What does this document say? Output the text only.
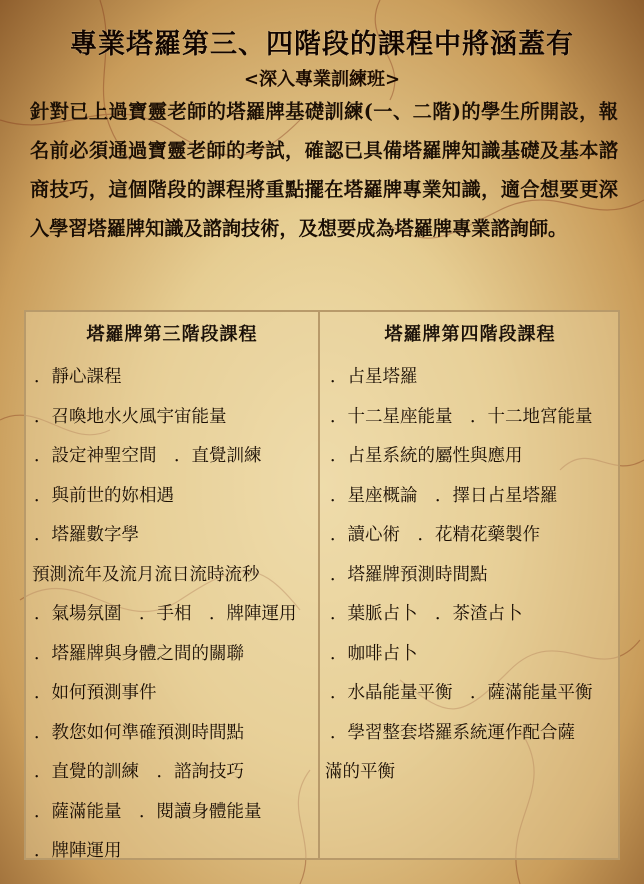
專業塔羅第三、四階段的課程中將涵蓋有
<深入專業訓練班>
針對已上過寶靈老師的塔羅牌基礎訓練(一、二階)的學生所開設，報名前必須通過寶靈老師的考試，確認已具備塔羅牌知識基礎及基本諮商技巧，這個階段的課程將重點擺在塔羅牌專業知識，適合想要更深入學習塔羅牌知識及諮詢技術，及想要成為塔羅牌專業諮詢師。
塔羅牌第三階段課程
．靜心課程
．召喚地水火風宇宙能量
．設定神聖空間　．直覺訓練
．與前世的妳相遇
．塔羅數字學
預測流年及流月流日流時流秒
．氣場氛圍　．手相　．牌陣運用
．塔羅牌與身體之間的關聯
．如何預測事件
．教您如何準確預測時間點
．直覺的訓練　．諮詢技巧
．薩滿能量　．閱讀身體能量
．牌陣運用
塔羅牌第四階段課程
．占星塔羅
．十二星座能量　．十二地宮能量
．占星系統的屬性與應用
．星座概論　．擇日占星塔羅
．讀心術　．花精花藥製作
．塔羅牌預測時間點
．葉脈占卜　．茶渣占卜
．咖啡占卜
．水晶能量平衡　．薩滿能量平衡
．學習整套塔羅系統運作配合薩
滿的平衡
